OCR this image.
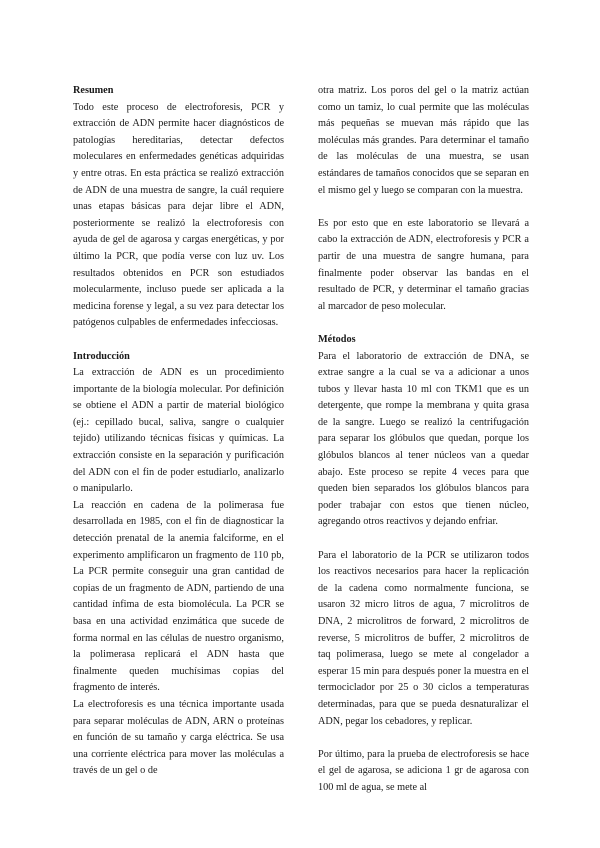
Resumen

Todo este proceso de electroforesis, PCR y extracción de ADN permite hacer diagnósticos de patologías hereditarias, detectar defectos moleculares en enfermedades genéticas adquiridas y entre otras. En esta práctica se realizó extracción de ADN de una muestra de sangre, la cuál requiere unas etapas básicas para dejar libre el ADN, posteriormente se realizó la electroforesis con ayuda de gel de agarosa y cargas energéticas, y por último la PCR, que podía verse con luz uv. Los resultados obtenidos en PCR son estudiados molecularmente, incluso puede ser aplicada a la medicina forense y legal, a su vez para detectar los patógenos culpables de enfermedades infecciosas.

Introducción

La extracción de ADN es un procedimiento importante de la biología molecular. Por definición se obtiene el ADN a partir de material biológico (ej.: cepillado bucal, saliva, sangre o cualquier tejido) utilizando técnicas físicas y químicas. La extracción consiste en la separación y purificación del ADN con el fin de poder estudiarlo, analizarlo o manipularlo.

La reacción en cadena de la polimerasa fue desarrollada en 1985, con el fin de diagnosticar la detección prenatal de la anemia falciforme, en el experimento amplificaron un fragmento de 110 pb, La PCR permite conseguir una gran cantidad de copias de un fragmento de ADN, partiendo de una cantidad ínfima de esta biomolécula. La PCR se basa en una actividad enzimática que sucede de forma normal en las células de nuestro organismo, la polimerasa replicará el ADN hasta que finalmente queden muchísimas copias del fragmento de interés.

La electroforesis es una técnica importante usada para separar moléculas de ADN, ARN o proteínas en función de su tamaño y carga eléctrica. Se usa una corriente eléctrica para mover las moléculas a través de un gel o de

otra matriz. Los poros del gel o la matriz actúan como un tamiz, lo cual permite que las moléculas más pequeñas se muevan más rápido que las moléculas más grandes. Para determinar el tamaño de las moléculas de una muestra, se usan estándares de tamaños conocidos que se separan en el mismo gel y luego se comparan con la muestra.

Es por esto que en este laboratorio se llevará a cabo la extracción de ADN, electroforesis y PCR a partir de una muestra de sangre humana, para finalmente poder observar las bandas en el resultado de PCR, y determinar el tamaño gracias al marcador de peso molecular.

Métodos

Para el laboratorio de extracción de DNA, se extrae sangre a la cual se va a adicionar a unos tubos y llevar hasta 10 ml con TKM1 que es un detergente, que rompe la membrana y quita grasa de la sangre. Luego se realizó la centrifugación para separar los glóbulos que quedan, porque los glóbulos blancos al tener núcleos van a quedar abajo. Este proceso se repite 4 veces para que queden bien separados los glóbulos blancos para poder trabajar con estos que tienen núcleo, agregando otros reactivos y dejando enfriar.

Para el laboratorio de la PCR se utilizaron todos los reactivos necesarios para hacer la replicación de la cadena como normalmente funciona, se usaron 32 micro litros de agua, 7 microlitros de DNA, 2 microlitros de forward, 2 microlitros de reverse, 5 microlitros de buffer, 2 microlitros de taq polimerasa, luego se mete al congelador a esperar 15 min para después poner la muestra en el termociclador por 25 o 30 ciclos a temperaturas determinadas, para que se pueda desnaturalizar el ADN, pegar los cebadores, y replicar.

Por último, para la prueba de electroforesis se hace el gel de agarosa, se adiciona 1 gr de agarosa con 100 ml de agua, se mete al
